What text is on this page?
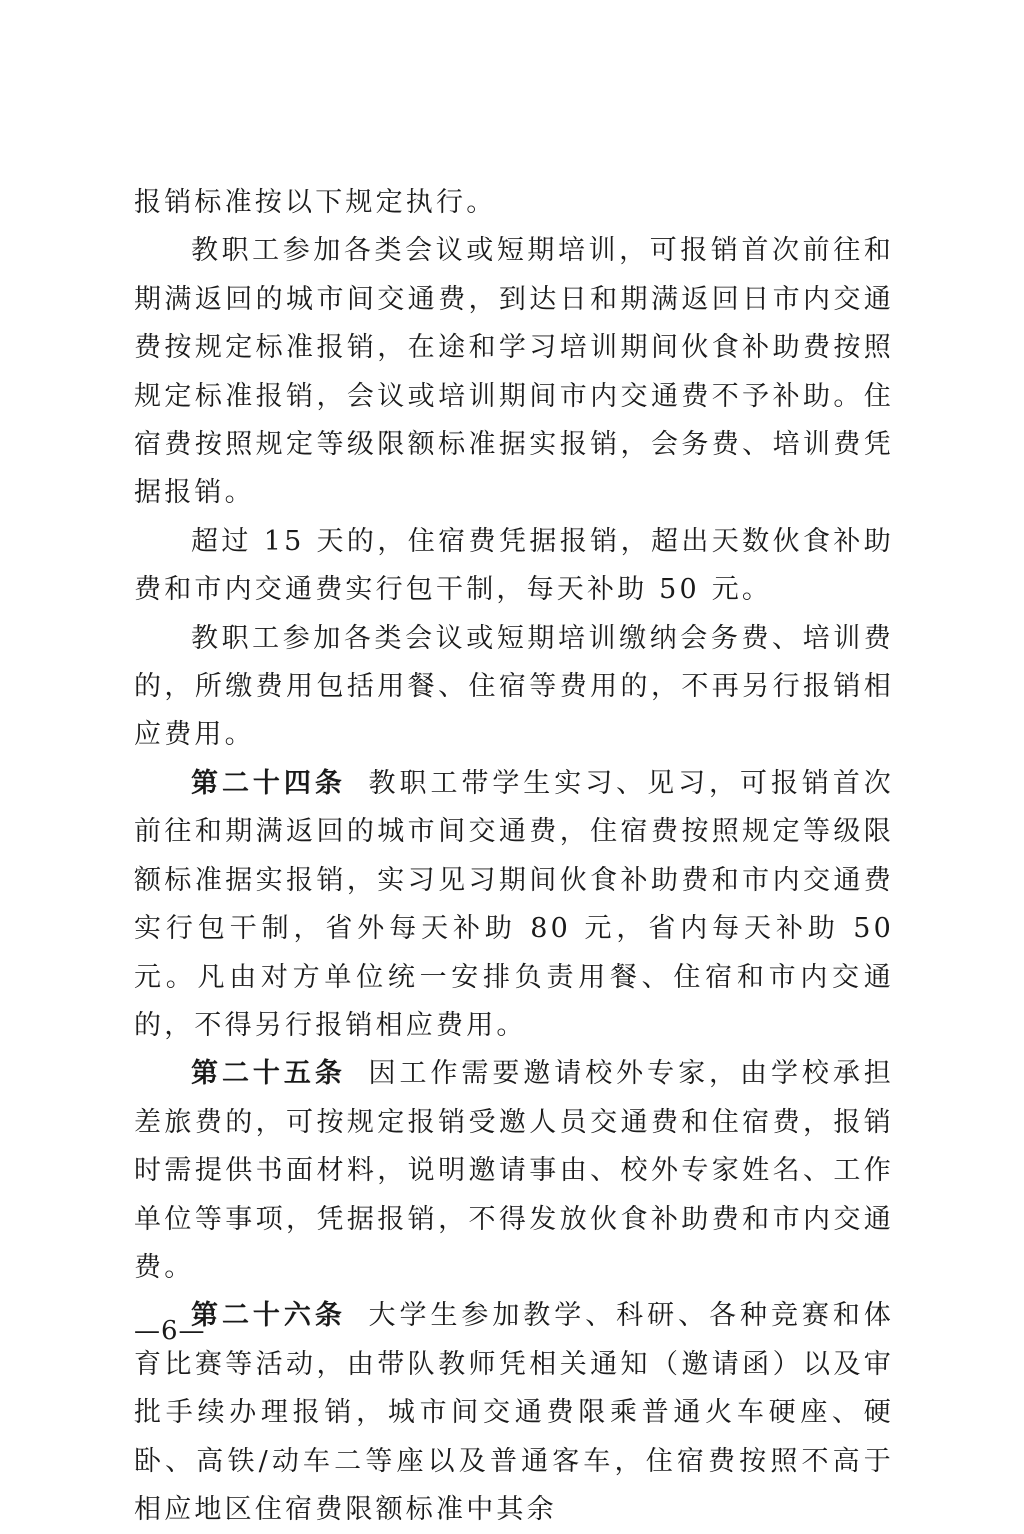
报销标准按以下规定执行。

教职工参加各类会议或短期培训，可报销首次前往和期满返回的城市间交通费，到达日和期满返回日市内交通费按规定标准报销，在途和学习培训期间伙食补助费按照规定标准报销，会议或培训期间市内交通费不予补助。住宿费按照规定等级限额标准据实报销，会务费、培训费凭据报销。

超过 15 天的，住宿费凭据报销，超出天数伙食补助费和市内交通费实行包干制，每天补助 50 元。

教职工参加各类会议或短期培训缴纳会务费、培训费的，所缴费用包括用餐、住宿等费用的，不再另行报销相应费用。

第二十四条 教职工带学生实习、见习，可报销首次前往和期满返回的城市间交通费，住宿费按照规定等级限额标准据实报销，实习见习期间伙食补助费和市内交通费实行包干制，省外每天补助 80 元，省内每天补助 50 元。凡由对方单位统一安排负责用餐、住宿和市内交通的，不得另行报销相应费用。

第二十五条 因工作需要邀请校外专家，由学校承担差旅费的，可按规定报销受邀人员交通费和住宿费，报销时需提供书面材料，说明邀请事由、校外专家姓名、工作单位等事项，凭据报销，不得发放伙食补助费和市内交通费。

第二十六条 大学生参加教学、科研、各种竞赛和体育比赛等活动，由带队教师凭相关通知（邀请函）以及审批手续办理报销，城市间交通费限乘普通火车硬座、硬卧、高铁/动车二等座以及普通客车，住宿费按照不高于相应地区住宿费限额标准中其余

—6—
